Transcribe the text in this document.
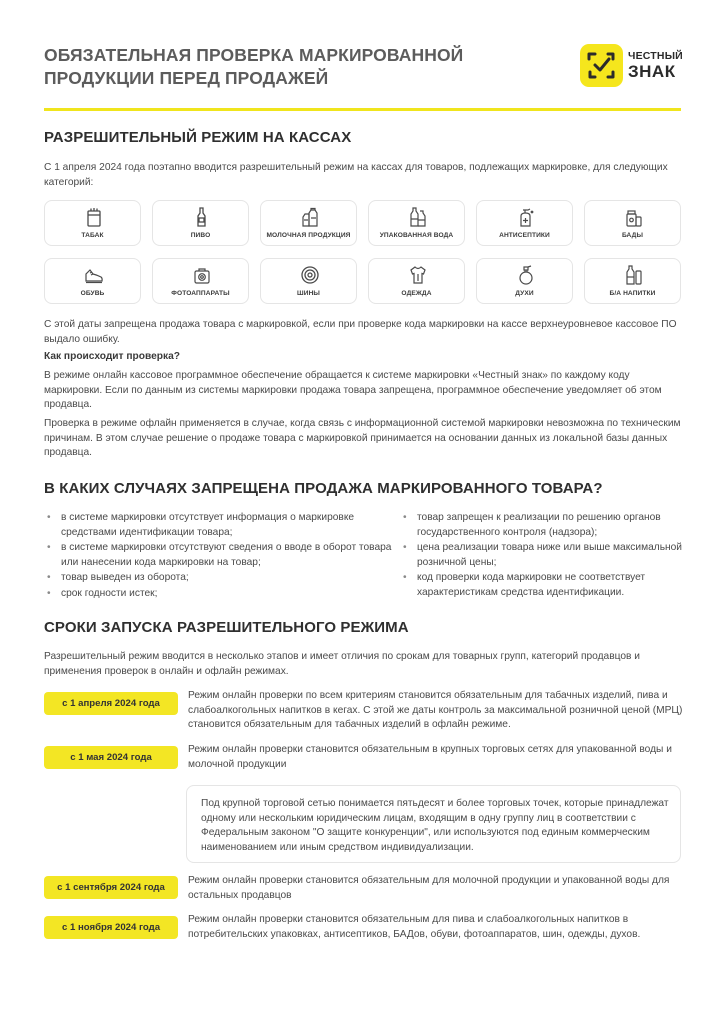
ОБЯЗАТЕЛЬНАЯ ПРОВЕРКА МАРКИРОВАННОЙ
ПРОДУКЦИИ ПЕРЕД ПРОДАЖЕЙ
ЧЕСТНЫЙ
ЗНАК
РАЗРЕШИТЕЛЬНЫЙ РЕЖИМ НА КАССАХ
С 1 апреля 2024 года поэтапно вводится разрешительный режим на кассах для товаров, подлежащих маркировке, для следующих категорий:
ТАБАК	ПИВО	МОЛОЧНАЯ ПРОДУКЦИЯ	УПАКОВАННАЯ ВОДА	АНТИСЕПТИКИ	БАДЫ
ОБУВЬ	ФОТОАППАРАТЫ	ШИНЫ	ОДЕЖДА	ДУХИ	Б/А НАПИТКИ
С этой даты запрещена продажа товара с маркировкой, если при проверке кода маркировки на кассе верхнеуровневое кассовое ПО выдало ошибку.
Как происходит проверка?
В режиме онлайн кассовое программное обеспечение обращается к системе маркировки «Честный знак» по каждому коду маркировки. Если по данным из системы маркировки продажа товара запрещена, программное обеспечение уведомляет об этом продавца.
Проверка в режиме офлайн применяется в случае, когда связь с информационной системой маркировки невозможна по техническим причинам. В этом случае решение о продаже товара с маркировкой принимается на основании данных из локальной базы данных продавца.
В КАКИХ СЛУЧАЯХ ЗАПРЕЩЕНА ПРОДАЖА МАРКИРОВАННОГО ТОВАРА?
• в системе маркировки отсутствует информация о маркировке средствами идентификации товара;
• в системе маркировки отсутствуют сведения о вводе в оборот товара или нанесении кода маркировки на товар;
• товар выведен из оборота;
• срок годности истек;
• товар запрещен к реализации по решению органов государственного контроля (надзора);
• цена реализации товара ниже или выше максимальной розничной цены;
• код проверки кода маркировки не соответствует характеристикам средства идентификации.
СРОКИ ЗАПУСКА РАЗРЕШИТЕЛЬНОГО РЕЖИМА
Разрешительный режим вводится в несколько этапов и имеет отличия по срокам для товарных групп, категорий продавцов и применения проверок в онлайн и офлайн режимах.
с 1 апреля 2024 года
Режим онлайн проверки по всем критериям становится обязательным для табачных изделий, пива и слабоалкогольных напитков в кегах. С этой же даты контроль за максимальной розничной ценой (МРЦ) становится обязательным для табачных изделий в офлайн режиме.
с 1 мая 2024 года
Режим онлайн проверки становится обязательным в крупных торговых сетях для упакованной воды и молочной продукции
Под крупной торговой сетью понимается пятьдесят и более торговых точек, которые принадлежат одному или нескольким юридическим лицам, входящим в одну группу лиц в соответствии с Федеральным законом "О защите конкуренции", или используются под единым коммерческим наименованием или иным средством индивидуализации.
с 1 сентября 2024 года
Режим онлайн проверки становится обязательным для молочной продукции и упакованной воды для остальных продавцов
с 1 ноября 2024 года
Режим онлайн проверки становится обязательным для пива и слабоалкогольных напитков в потребительских упаковках, антисептиков, БАДов, обуви, фотоаппаратов, шин, одежды, духов.
